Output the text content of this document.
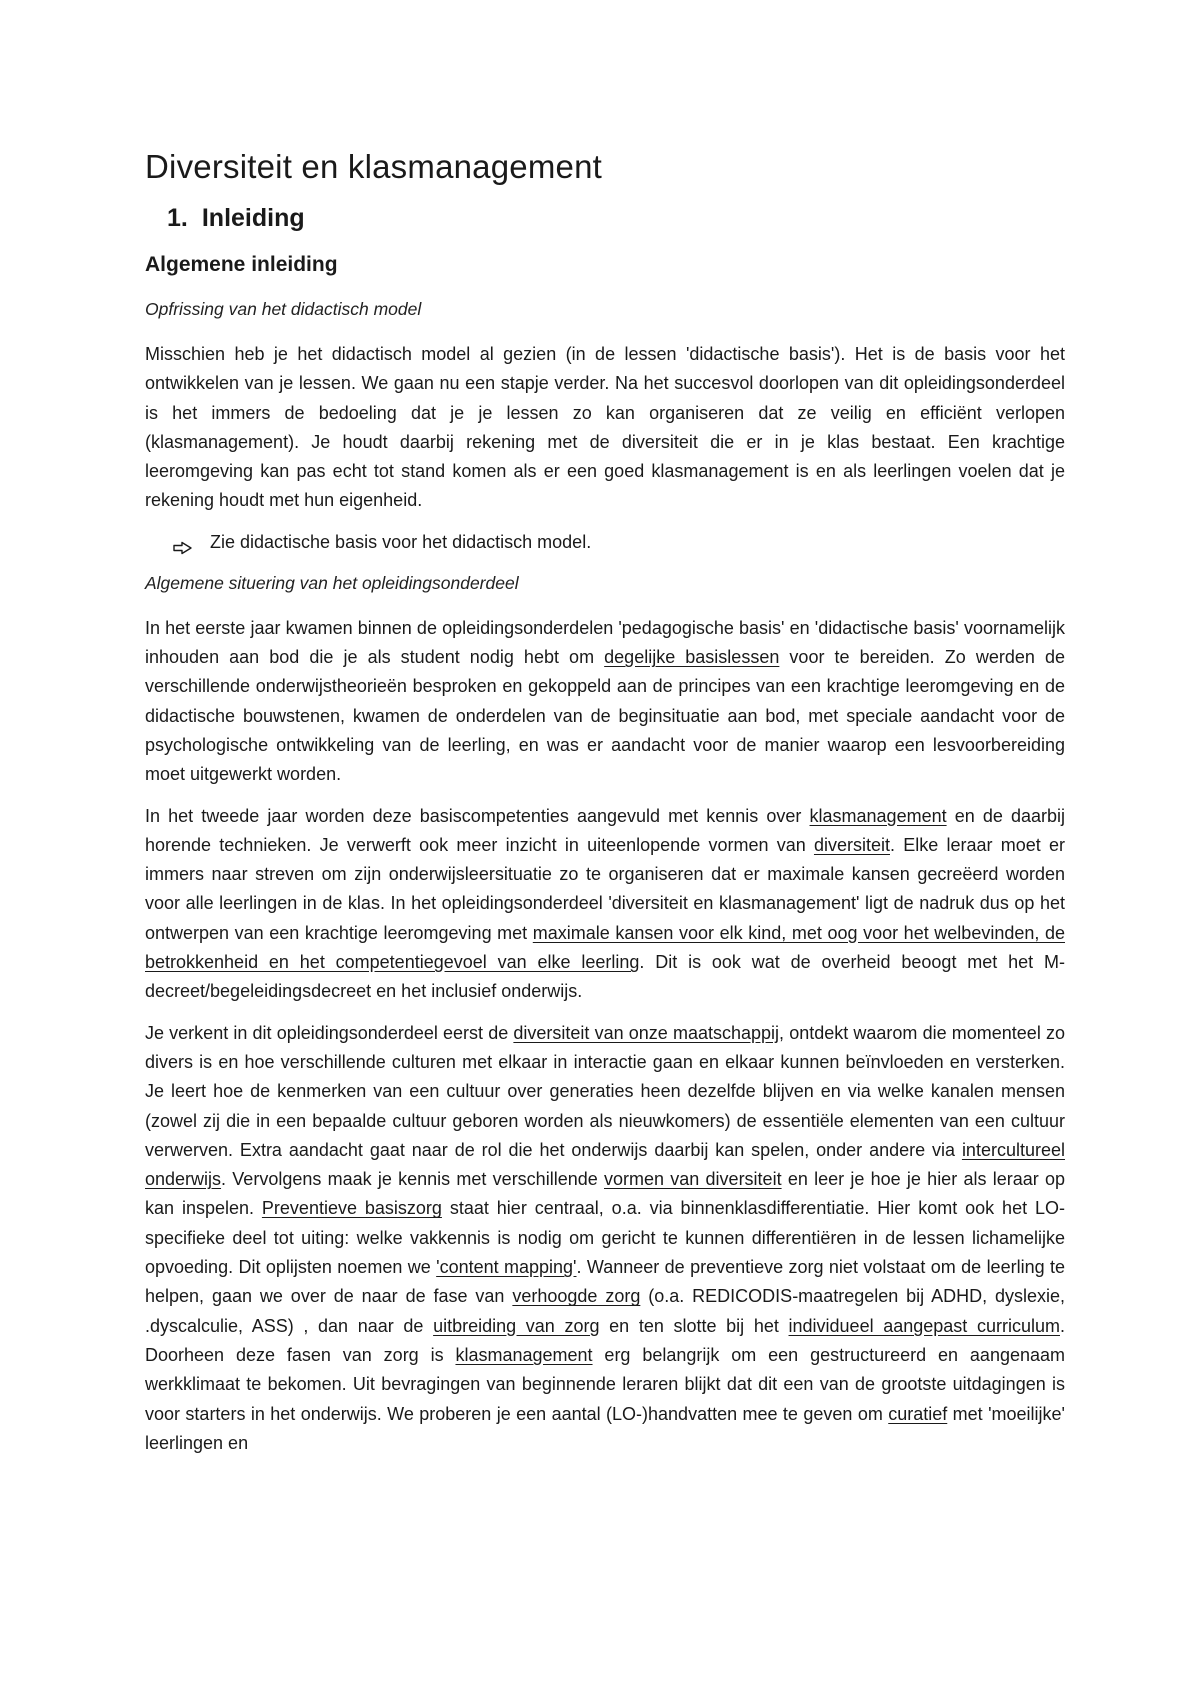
Diversiteit en klasmanagement
1. Inleiding
Algemene inleiding
Opfrissing van het didactisch model

Misschien heb je het didactisch model al gezien (in de lessen 'didactische basis'). Het is de basis voor het ontwikkelen van je lessen. We gaan nu een stapje verder. Na het succesvol doorlopen van dit opleidingsonderdeel is het immers de bedoeling dat je je lessen zo kan organiseren dat ze veilig en efficiënt verlopen (klasmanagement). Je houdt daarbij rekening met de diversiteit die er in je klas bestaat. Een krachtige leeromgeving kan pas echt tot stand komen als er een goed klasmanagement is en als leerlingen voelen dat je rekening houdt met hun eigenheid.

Zie didactische basis voor het didactisch model.
Algemene situering van het opleidingsonderdeel

In het eerste jaar kwamen binnen de opleidingsonderdelen 'pedagogische basis' en 'didactische basis' voornamelijk inhouden aan bod die je als student nodig hebt om degelijke basislessen voor te bereiden. Zo werden de verschillende onderwijstheorieën besproken en gekoppeld aan de principes van een krachtige leeromgeving en de didactische bouwstenen, kwamen de onderdelen van de beginsituatie aan bod, met speciale aandacht voor de psychologische ontwikkeling van de leerling, en was er aandacht voor de manier waarop een lesvoorbereiding moet uitgewerkt worden.

In het tweede jaar worden deze basiscompetenties aangevuld met kennis over klasmanagement en de daarbij horende technieken. Je verwerft ook meer inzicht in uiteenlopende vormen van diversiteit. Elke leraar moet er immers naar streven om zijn onderwijsleersituatie zo te organiseren dat er maximale kansen gecreëerd worden voor alle leerlingen in de klas. In het opleidingsonderdeel 'diversiteit en klasmanagement' ligt de nadruk dus op het ontwerpen van een krachtige leeromgeving met maximale kansen voor elk kind, met oog voor het welbevinden, de betrokkenheid en het competentiegevoel van elke leerling. Dit is ook wat de overheid beoogt met het M-decreet/begeleidingsdecreet en het inclusief onderwijs.

Je verkent in dit opleidingsonderdeel eerst de diversiteit van onze maatschappij, ontdekt waarom die momenteel zo divers is en hoe verschillende culturen met elkaar in interactie gaan en elkaar kunnen beïnvloeden en versterken. Je leert hoe de kenmerken van een cultuur over generaties heen dezelfde blijven en via welke kanalen mensen (zowel zij die in een bepaalde cultuur geboren worden als nieuwkomers) de essentiële elementen van een cultuur verwerven. Extra aandacht gaat naar de rol die het onderwijs daarbij kan spelen, onder andere via intercultureel onderwijs. Vervolgens maak je kennis met verschillende vormen van diversiteit en leer je hoe je hier als leraar op kan inspelen. Preventieve basiszorg staat hier centraal, o.a. via binnenklasdifferentiatie. Hier komt ook het LO-specifieke deel tot uiting: welke vakkennis is nodig om gericht te kunnen differentiëren in de lessen lichamelijke opvoeding. Dit oplijsten noemen we 'content mapping'. Wanneer de preventieve zorg niet volstaat om de leerling te helpen, gaan we over de naar de fase van verhoogde zorg (o.a. REDICODIS-maatregelen bij ADHD, dyslexie, .dyscalculie, ASS) , dan naar de uitbreiding van zorg en ten slotte bij het individueel aangepast curriculum. Doorheen deze fasen van zorg is klasmanagement erg belangrijk om een gestructureerd en aangenaam werkklimaat te bekomen. Uit bevragingen van beginnende leraren blijkt dat dit een van de grootste uitdagingen is voor starters in het onderwijs. We proberen je een aantal (LO-)handvatten mee te geven om curatief met 'moeilijke' leerlingen en
